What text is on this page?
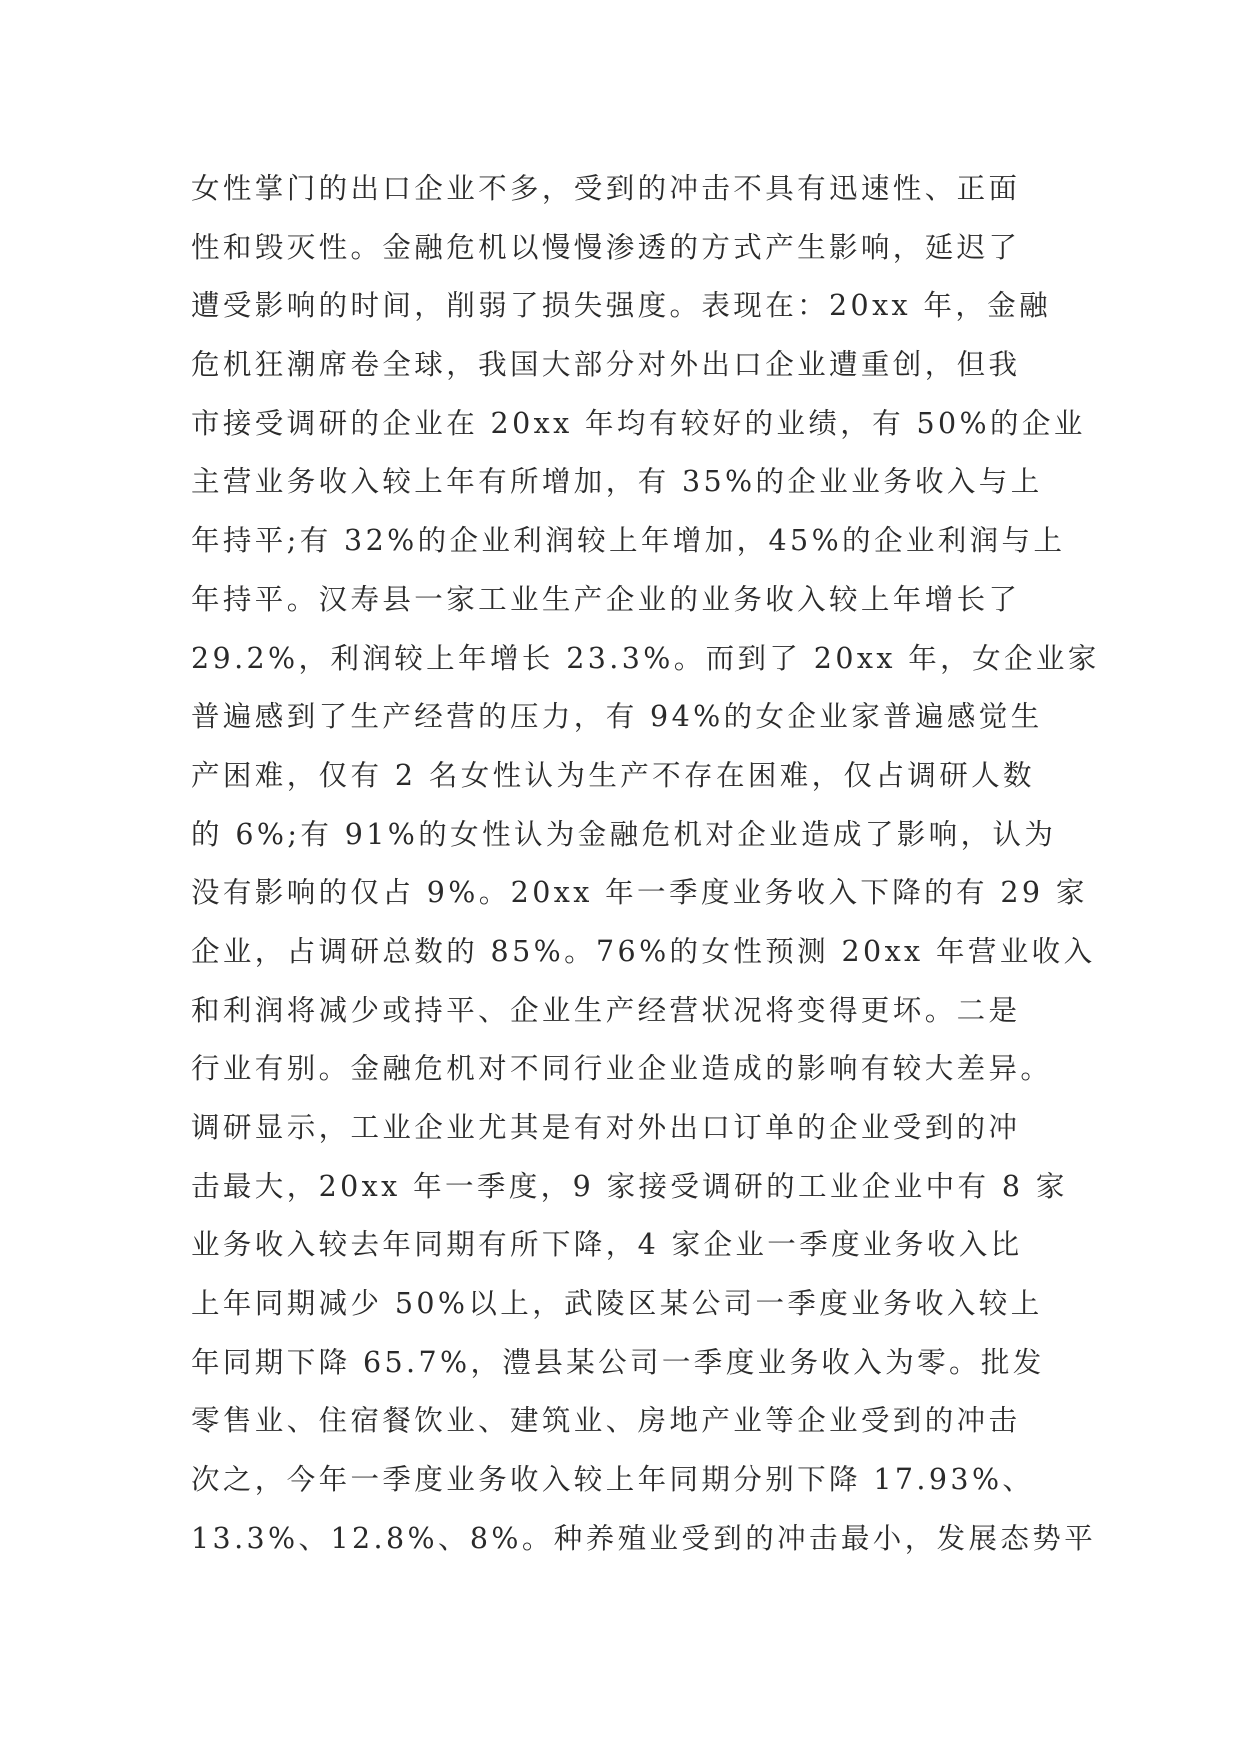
女性掌门的出口企业不多，受到的冲击不具有迅速性、正面
性和毁灭性。金融危机以慢慢渗透的方式产生影响，延迟了
遭受影响的时间，削弱了损失强度。表现在：20xx 年，金融
危机狂潮席卷全球，我国大部分对外出口企业遭重创，但我
市接受调研的企业在 20xx 年均有较好的业绩，有 50%的企业
主营业务收入较上年有所增加，有 35%的企业业务收入与上
年持平;有 32%的企业利润较上年增加，45%的企业利润与上
年持平。汉寿县一家工业生产企业的业务收入较上年增长了
29.2%，利润较上年增长 23.3%。而到了 20xx 年，女企业家
普遍感到了生产经营的压力，有 94%的女企业家普遍感觉生
产困难，仅有 2 名女性认为生产不存在困难，仅占调研人数
的 6%;有 91%的女性认为金融危机对企业造成了影响，认为
没有影响的仅占 9%。20xx 年一季度业务收入下降的有 29 家
企业，占调研总数的 85%。76%的女性预测 20xx 年营业收入
和利润将减少或持平、企业生产经营状况将变得更坏。二是
行业有别。金融危机对不同行业企业造成的影响有较大差异。
调研显示，工业企业尤其是有对外出口订单的企业受到的冲
击最大，20xx 年一季度，9 家接受调研的工业企业中有 8 家
业务收入较去年同期有所下降，4 家企业一季度业务收入比
上年同期减少 50%以上，武陵区某公司一季度业务收入较上
年同期下降 65.7%，澧县某公司一季度业务收入为零。批发
零售业、住宿餐饮业、建筑业、房地产业等企业受到的冲击
次之，今年一季度业务收入较上年同期分别下降 17.93%、
13.3%、12.8%、8%。种养殖业受到的冲击最小，发展态势平
